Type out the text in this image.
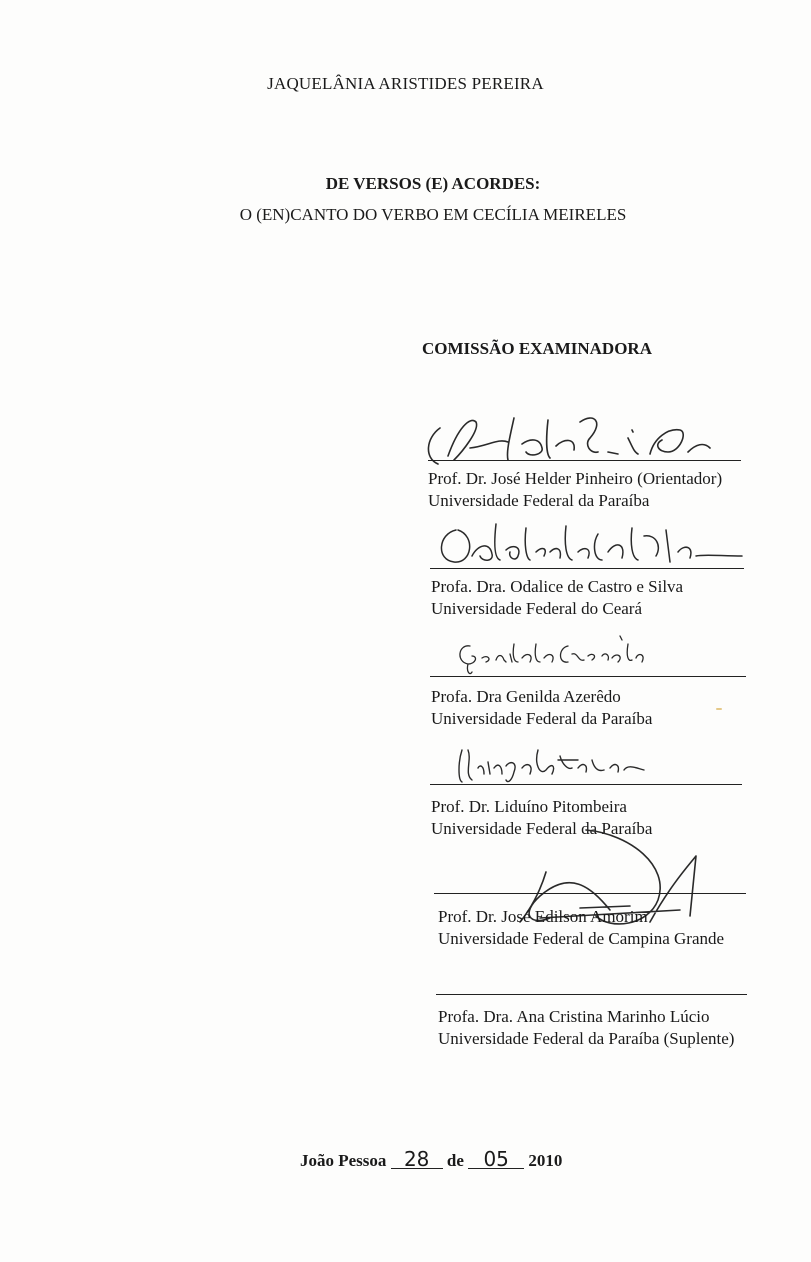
JAQUELÂNIA ARISTIDES PEREIRA
DE VERSOS (E) ACORDES:
O (EN)CANTO DO VERBO EM CECÍLIA MEIRELES
COMISSÃO EXAMINADORA
Prof. Dr. José Helder Pinheiro (Orientador)
Universidade Federal da Paraíba
Profa. Dra. Odalice de Castro e Silva
Universidade Federal do Ceará
Profa. Dra Genilda Azerêdo
Universidade Federal da Paraíba
Prof. Dr. Liduíno Pitombeira
Universidade Federal da Paraíba
Prof. Dr. José Edilson Amorim
Universidade Federal de Campina Grande
Profa. Dra. Ana Cristina Marinho Lúcio
Universidade Federal da Paraíba (Suplente)
João Pessoa 28 de 05 2010
